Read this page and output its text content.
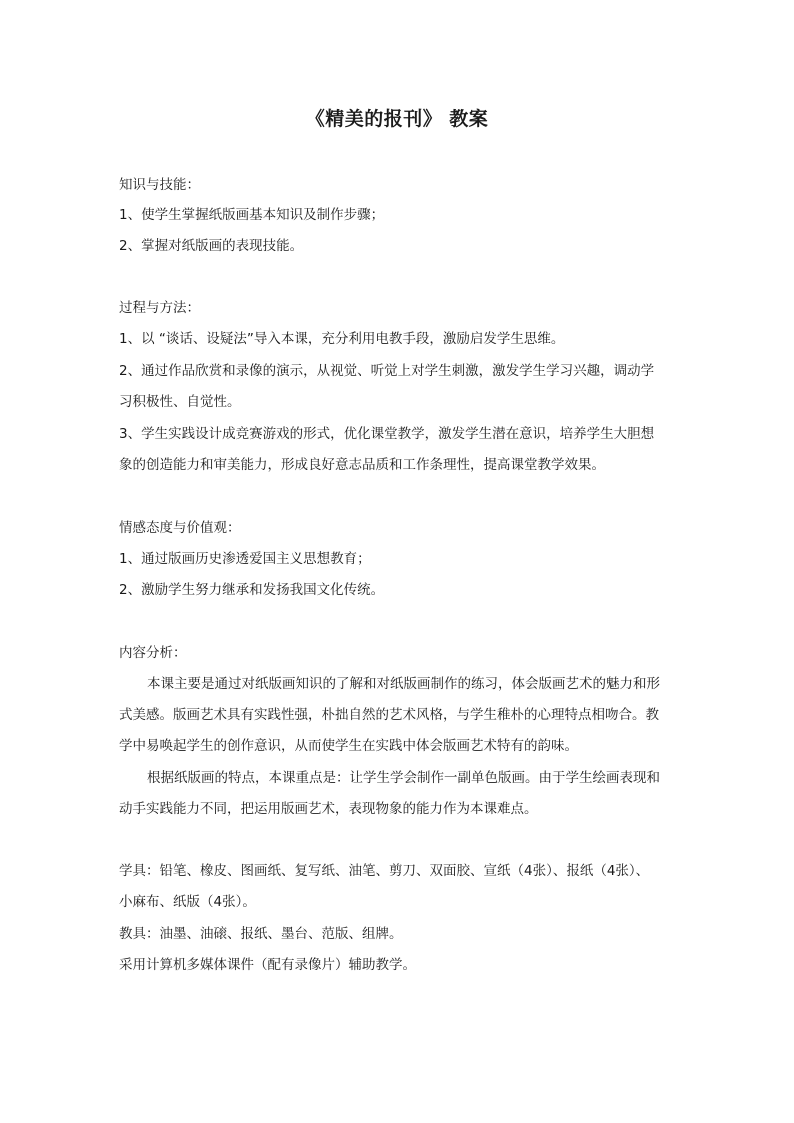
《精美的报刊》 教案
知识与技能：
1、使学生掌握纸版画基本知识及制作步骤；
2、掌握对纸版画的表现技能。
过程与方法：
1、以 “谈话、设疑法”导入本课，充分利用电教手段，激励启发学生思维。
2、通过作品欣赏和录像的演示，从视觉、听觉上对学生刺激，激发学生学习兴趣，调动学
习积极性、自觉性。
3、学生实践设计成竞赛游戏的形式，优化课堂教学，激发学生潜在意识，培养学生大胆想
象的创造能力和审美能力，形成良好意志品质和工作条理性，提高课堂教学效果。
情感态度与价值观：
1、通过版画历史渗透爱国主义思想教育；
2、激励学生努力继承和发扬我国文化传统。
内容分析：
本课主要是通过对纸版画知识的了解和对纸版画制作的练习，体会版画艺术的魅力和形
式美感。版画艺术具有实践性强，朴拙自然的艺术风格，与学生稚朴的心理特点相吻合。教
学中易唤起学生的创作意识，从而使学生在实践中体会版画艺术特有的韵味。
根据纸版画的特点，本课重点是：让学生学会制作一副单色版画。由于学生绘画表现和
动手实践能力不同，把运用版画艺术，表现物象的能力作为本课难点。
学具：铅笔、橡皮、图画纸、复写纸、油笔、剪刀、双面胶、宣纸（4张）、报纸（4张）、
小麻布、纸版（4张）。
教具：油墨、油磙、报纸、墨台、范版、组牌。
采用计算机多媒体课件（配有录像片）辅助教学。
